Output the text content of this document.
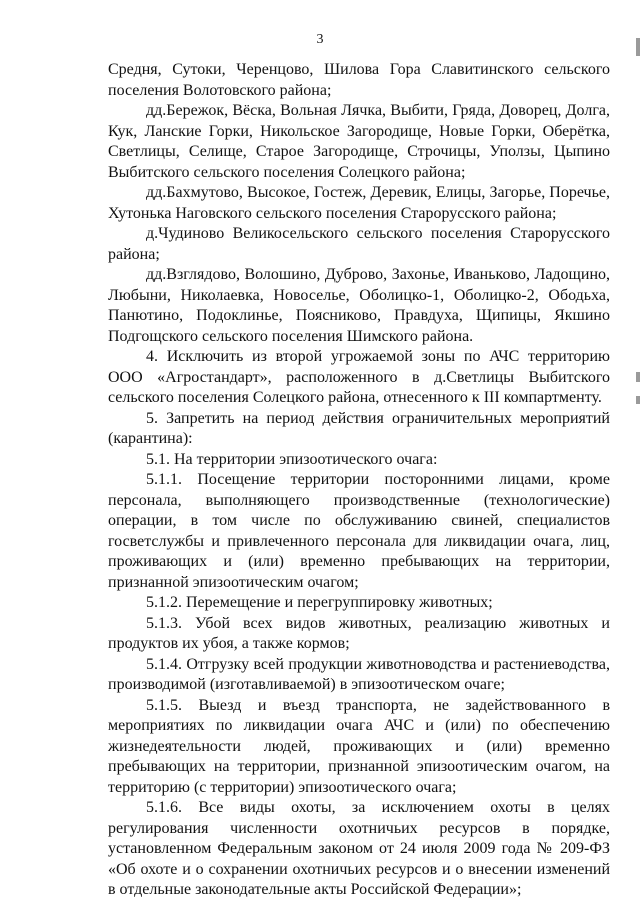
3

Средня, Сутоки, Черенцово, Шилова Гора Славитинского сельского поселения Волотовского района;

дд.Бережок, Вёска, Вольная Лячка, Выбити, Гряда, Доворец, Долга, Кук, Ланские Горки, Никольское Загородище, Новые Горки, Оберётка, Светлицы, Селище, Старое Загородище, Строчицы, Уползы, Цыпино Выбитского сельского поселения Солецкого района;

дд.Бахмутово, Высокое, Гостеж, Деревик, Елицы, Загорье, Поречье, Хутонька Наговского сельского поселения Старорусского района;

д.Чудиново Великосельского сельского поселения Старорусского района;

дд.Взглядово, Волошино, Дуброво, Захонье, Иваньково, Ладощино, Любыни, Николаевка, Новоселье, Оболицко-1, Оболицко-2, Ободьха, Панютино, Подоклинье, Поясниково, Правдуха, Щипицы, Якшино Подгощского сельского поселения Шимского района.

4. Исключить из второй угрожаемой зоны по АЧС территорию ООО «Агростандарт», расположенного в д.Светлицы Выбитского сельского поселения Солецкого района, отнесенного к III компартменту.

5. Запретить на период действия ограничительных мероприятий (карантина):

5.1. На территории эпизоотического очага:

5.1.1. Посещение территории посторонними лицами, кроме персонала, выполняющего производственные (технологические) операции, в том числе по обслуживанию свиней, специалистов госветслужбы и привлеченного персонала для ликвидации очага, лиц, проживающих и (или) временно пребывающих на территории, признанной эпизоотическим очагом;

5.1.2. Перемещение и перегруппировку животных;

5.1.3. Убой всех видов животных, реализацию животных и продуктов их убоя, а также кормов;

5.1.4. Отгрузку всей продукции животноводства и растениеводства, производимой (изготавливаемой) в эпизоотическом очаге;

5.1.5. Выезд и въезд транспорта, не задействованного в мероприятиях по ликвидации очага АЧС и (или) по обеспечению жизнедеятельности людей, проживающих и (или) временно пребывающих на территории, признанной эпизоотическим очагом, на территорию (с территории) эпизоотического очага;

5.1.6. Все виды охоты, за исключением охоты в целях регулирования численности охотничьих ресурсов в порядке, установленном Федеральным законом от 24 июля 2009 года № 209-ФЗ «Об охоте и о сохранении охотничьих ресурсов и о внесении изменений в отдельные законодательные акты Российской Федерации»;
